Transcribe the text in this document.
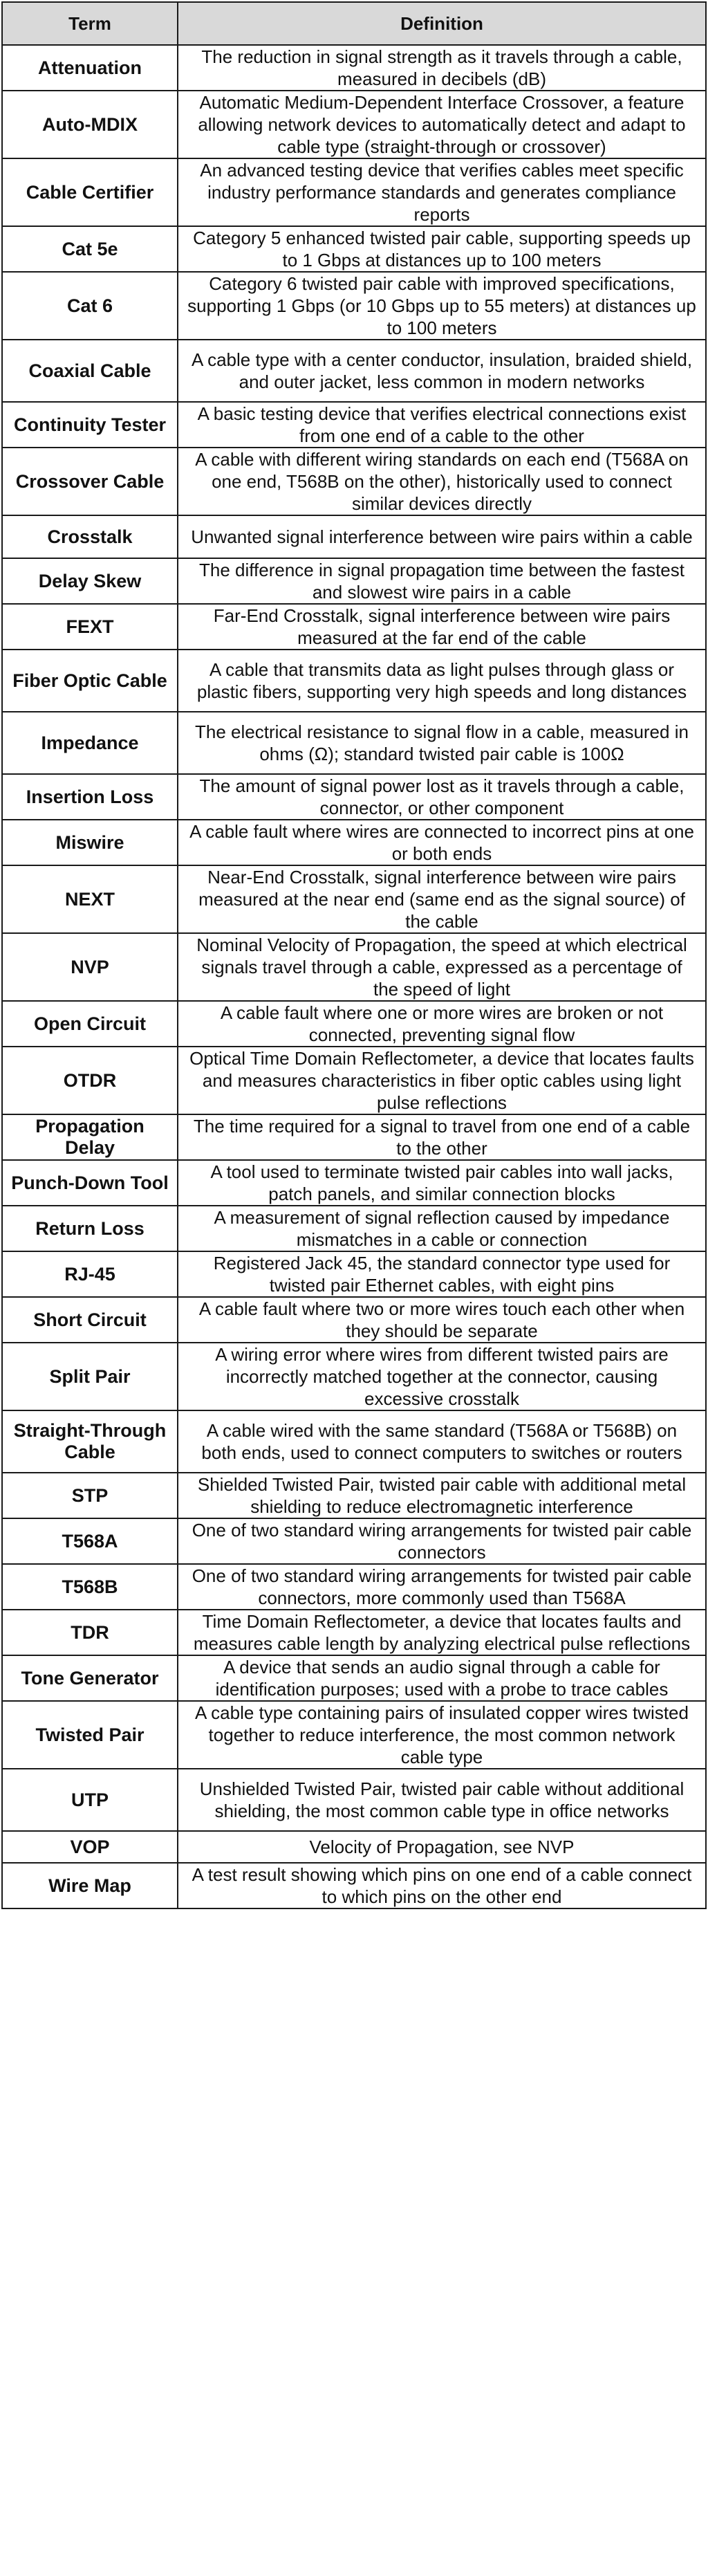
Term	Definition
Attenuation	The reduction in signal strength as it travels through a cable, measured in decibels (dB)
Auto-MDIX	Automatic Medium-Dependent Interface Crossover, a feature allowing network devices to automatically detect and adapt to cable type (straight-through or crossover)
Cable Certifier	An advanced testing device that verifies cables meet specific industry performance standards and generates compliance reports
Cat 5e	Category 5 enhanced twisted pair cable, supporting speeds up to 1 Gbps at distances up to 100 meters
Cat 6	Category 6 twisted pair cable with improved specifications, supporting 1 Gbps (or 10 Gbps up to 55 meters) at distances up to 100 meters
Coaxial Cable	A cable type with a center conductor, insulation, braided shield, and outer jacket, less common in modern networks
Continuity Tester	A basic testing device that verifies electrical connections exist from one end of a cable to the other
Crossover Cable	A cable with different wiring standards on each end (T568A on one end, T568B on the other), historically used to connect similar devices directly
Crosstalk	Unwanted signal interference between wire pairs within a cable
Delay Skew	The difference in signal propagation time between the fastest and slowest wire pairs in a cable
FEXT	Far-End Crosstalk, signal interference between wire pairs measured at the far end of the cable
Fiber Optic Cable	A cable that transmits data as light pulses through glass or plastic fibers, supporting very high speeds and long distances
Impedance	The electrical resistance to signal flow in a cable, measured in ohms (Ω); standard twisted pair cable is 100Ω
Insertion Loss	The amount of signal power lost as it travels through a cable, connector, or other component
Miswire	A cable fault where wires are connected to incorrect pins at one or both ends
NEXT	Near-End Crosstalk, signal interference between wire pairs measured at the near end (same end as the signal source) of the cable
NVP	Nominal Velocity of Propagation, the speed at which electrical signals travel through a cable, expressed as a percentage of the speed of light
Open Circuit	A cable fault where one or more wires are broken or not connected, preventing signal flow
OTDR	Optical Time Domain Reflectometer, a device that locates faults and measures characteristics in fiber optic cables using light pulse reflections
Propagation Delay	The time required for a signal to travel from one end of a cable to the other
Punch-Down Tool	A tool used to terminate twisted pair cables into wall jacks, patch panels, and similar connection blocks
Return Loss	A measurement of signal reflection caused by impedance mismatches in a cable or connection
RJ-45	Registered Jack 45, the standard connector type used for twisted pair Ethernet cables, with eight pins
Short Circuit	A cable fault where two or more wires touch each other when they should be separate
Split Pair	A wiring error where wires from different twisted pairs are incorrectly matched together at the connector, causing excessive crosstalk
Straight-Through Cable	A cable wired with the same standard (T568A or T568B) on both ends, used to connect computers to switches or routers
STP	Shielded Twisted Pair, twisted pair cable with additional metal shielding to reduce electromagnetic interference
T568A	One of two standard wiring arrangements for twisted pair cable connectors
T568B	One of two standard wiring arrangements for twisted pair cable connectors, more commonly used than T568A
TDR	Time Domain Reflectometer, a device that locates faults and measures cable length by analyzing electrical pulse reflections
Tone Generator	A device that sends an audio signal through a cable for identification purposes; used with a probe to trace cables
Twisted Pair	A cable type containing pairs of insulated copper wires twisted together to reduce interference, the most common network cable type
UTP	Unshielded Twisted Pair, twisted pair cable without additional shielding, the most common cable type in office networks
VOP	Velocity of Propagation, see NVP
Wire Map	A test result showing which pins on one end of a cable connect to which pins on the other end
